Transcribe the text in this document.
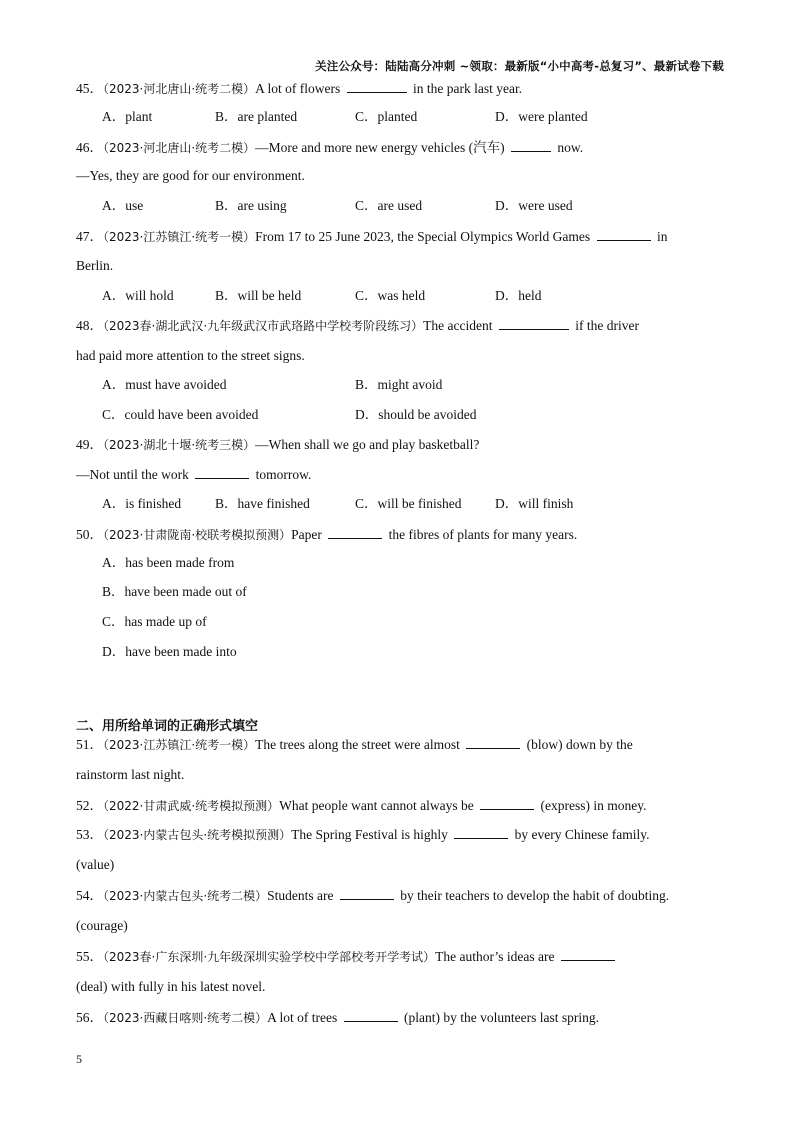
关注公众号：陆陆高分冲刺 ~领取：最新版“小中高考-总复习”、最新试卷下载
45．（2023·河北唐山·统考二模）A lot of flowers	in the park last year.
A．plant	B．are planted	C．planted	D．were planted
46．（2023·河北唐山·统考二模）—More and more new energy vehicles (汽车)	now.
—Yes, they are good for our environment.
A．use	B．are using	C．are used	D．were used
47．（2023·江苏镇江·统考一模）From 17 to 25 June 2023, the Special Olympics World Games	in
Berlin.
A．will hold	B．will be held	C．was held	D．held
48．（2023春·湖北武汉·九年级武汉市武珞路中学校考阶段练习）The accident	if the driver
had paid more attention to the street signs.
A．must have avoided	B．might avoid
C．could have been avoided	D．should be avoided
49．（2023·湖北十堰·统考三模）—When shall we go and play basketball?
—Not until the work	tomorrow.
A．is finished	B．have finished	C．will be finished D．will finish
50．（2023·甘肃陇南·校联考模拟预测）Paper	the fibres of plants for many years.
A．has been made from
B．have been made out of
C．has made up of
D．have been made into
二、用所给单词的正确形式填空
51．（2023·江苏镇江·统考一模）The trees along the street were almost	(blow) down by the
rainstorm last night.
52．（2022·甘肃武威·统考模拟预测）What people want cannot always be	(express) in money.
53．（2023·内蒙古包头·统考模拟预测）The Spring Festival is highly	by every Chinese family.
(value)
54．（2023·内蒙古包头·统考二模）Students are	by their teachers to develop the habit of doubting.
(courage)
55．（2023春·广东深圳·九年级深圳实验学校中学部校考开学考试）The author’s ideas are
(deal) with fully in his latest novel.
56．（2023·西藏日喀则·统考二模）A lot of trees	(plant) by the volunteers last spring.
5
